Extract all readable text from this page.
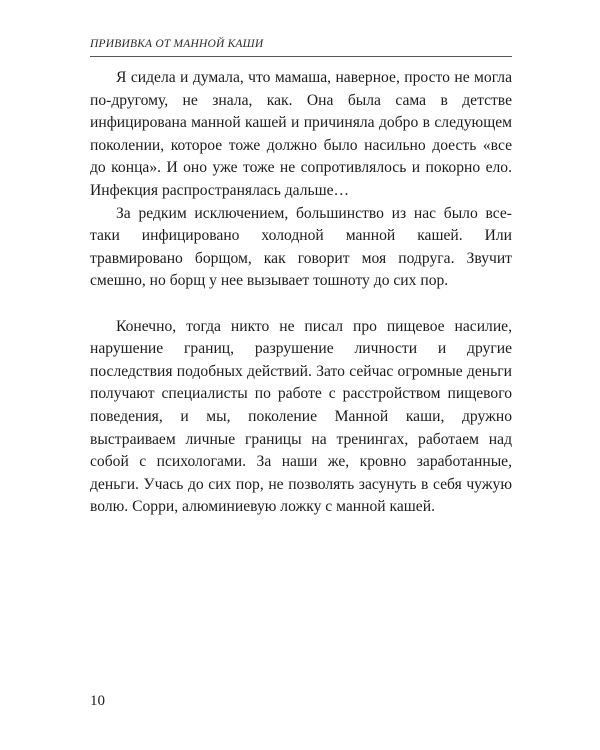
ПРИВИВКА ОТ МАННОЙ КАШИ

Я сидела и думала, что мамаша, наверное, просто не могла по-другому, не знала, как. Она была сама в детстве инфицирована манной кашей и причиняла добро в следующем поколении, которое тоже должно было насильно доесть «все до конца». И оно уже тоже не сопротивлялось и покорно ело. Инфекция распространялась дальше…

За редким исключением, большинство из нас было все-таки инфицировано холодной манной кашей. Или травмировано борщом, как говорит моя подруга. Звучит смешно, но борщ у нее вызывает тошноту до сих пор.

Конечно, тогда никто не писал про пищевое насилие, нарушение границ, разрушение личности и другие последствия подобных действий. Зато сейчас огромные деньги получают специалисты по работе с расстройством пищевого поведения, и мы, поколение Манной каши, дружно выстраиваем личные границы на тренингах, работаем над собой с психологами. За наши же, кровно заработанные, деньги. Учась до сих пор, не позволять засунуть в себя чужую волю. Сорри, алюминиевую ложку с манной кашей.

10
